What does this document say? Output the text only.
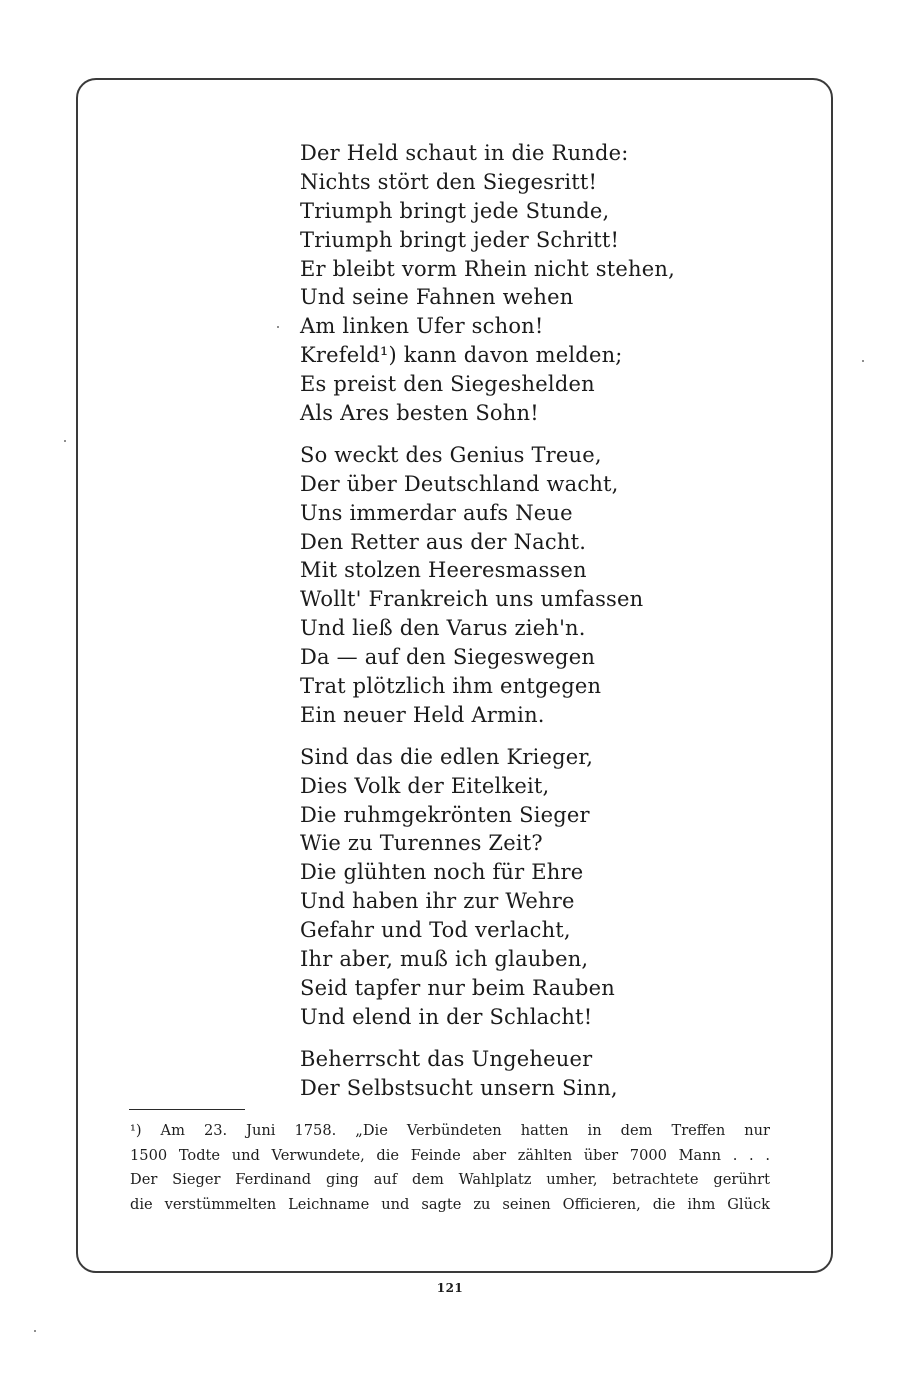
Der Held schaut in die Runde:
Nichts stört den Siegesritt!
Triumph bringt jede Stunde,
Triumph bringt jeder Schritt!
Er bleibt vorm Rhein nicht stehen,
Und seine Fahnen wehen
Am linken Ufer schon!
Krefeld¹) kann davon melden;
Es preist den Siegeshelden
Als Ares besten Sohn!
So weckt des Genius Treue,
Der über Deutschland wacht,
Uns immerdar aufs Neue
Den Retter aus der Nacht.
Mit stolzen Heeresmassen
Wollt' Frankreich uns umfassen
Und ließ den Varus zieh'n.
Da — auf den Siegeswegen
Trat plötzlich ihm entgegen
Ein neuer Held Armin.
Sind das die edlen Krieger,
Dies Volk der Eitelkeit,
Die ruhmgekrönten Sieger
Wie zu Turennes Zeit?
Die glühten noch für Ehre
Und haben ihr zur Wehre
Gefahr und Tod verlacht,
Ihr aber, muß ich glauben,
Seid tapfer nur beim Rauben
Und elend in der Schlacht!
Beherrscht das Ungeheuer
Der Selbstsucht unsern Sinn,
¹) Am 23. Juni 1758. „Die Verbündeten hatten in dem Treffen nur
1500 Todte und Verwundete, die Feinde aber zählten über 7000 Mann . . .
Der Sieger Ferdinand ging auf dem Wahlplatz umher, betrachtete gerührt
die verstümmelten Leichname und sagte zu seinen Officieren, die ihm Glück
121
